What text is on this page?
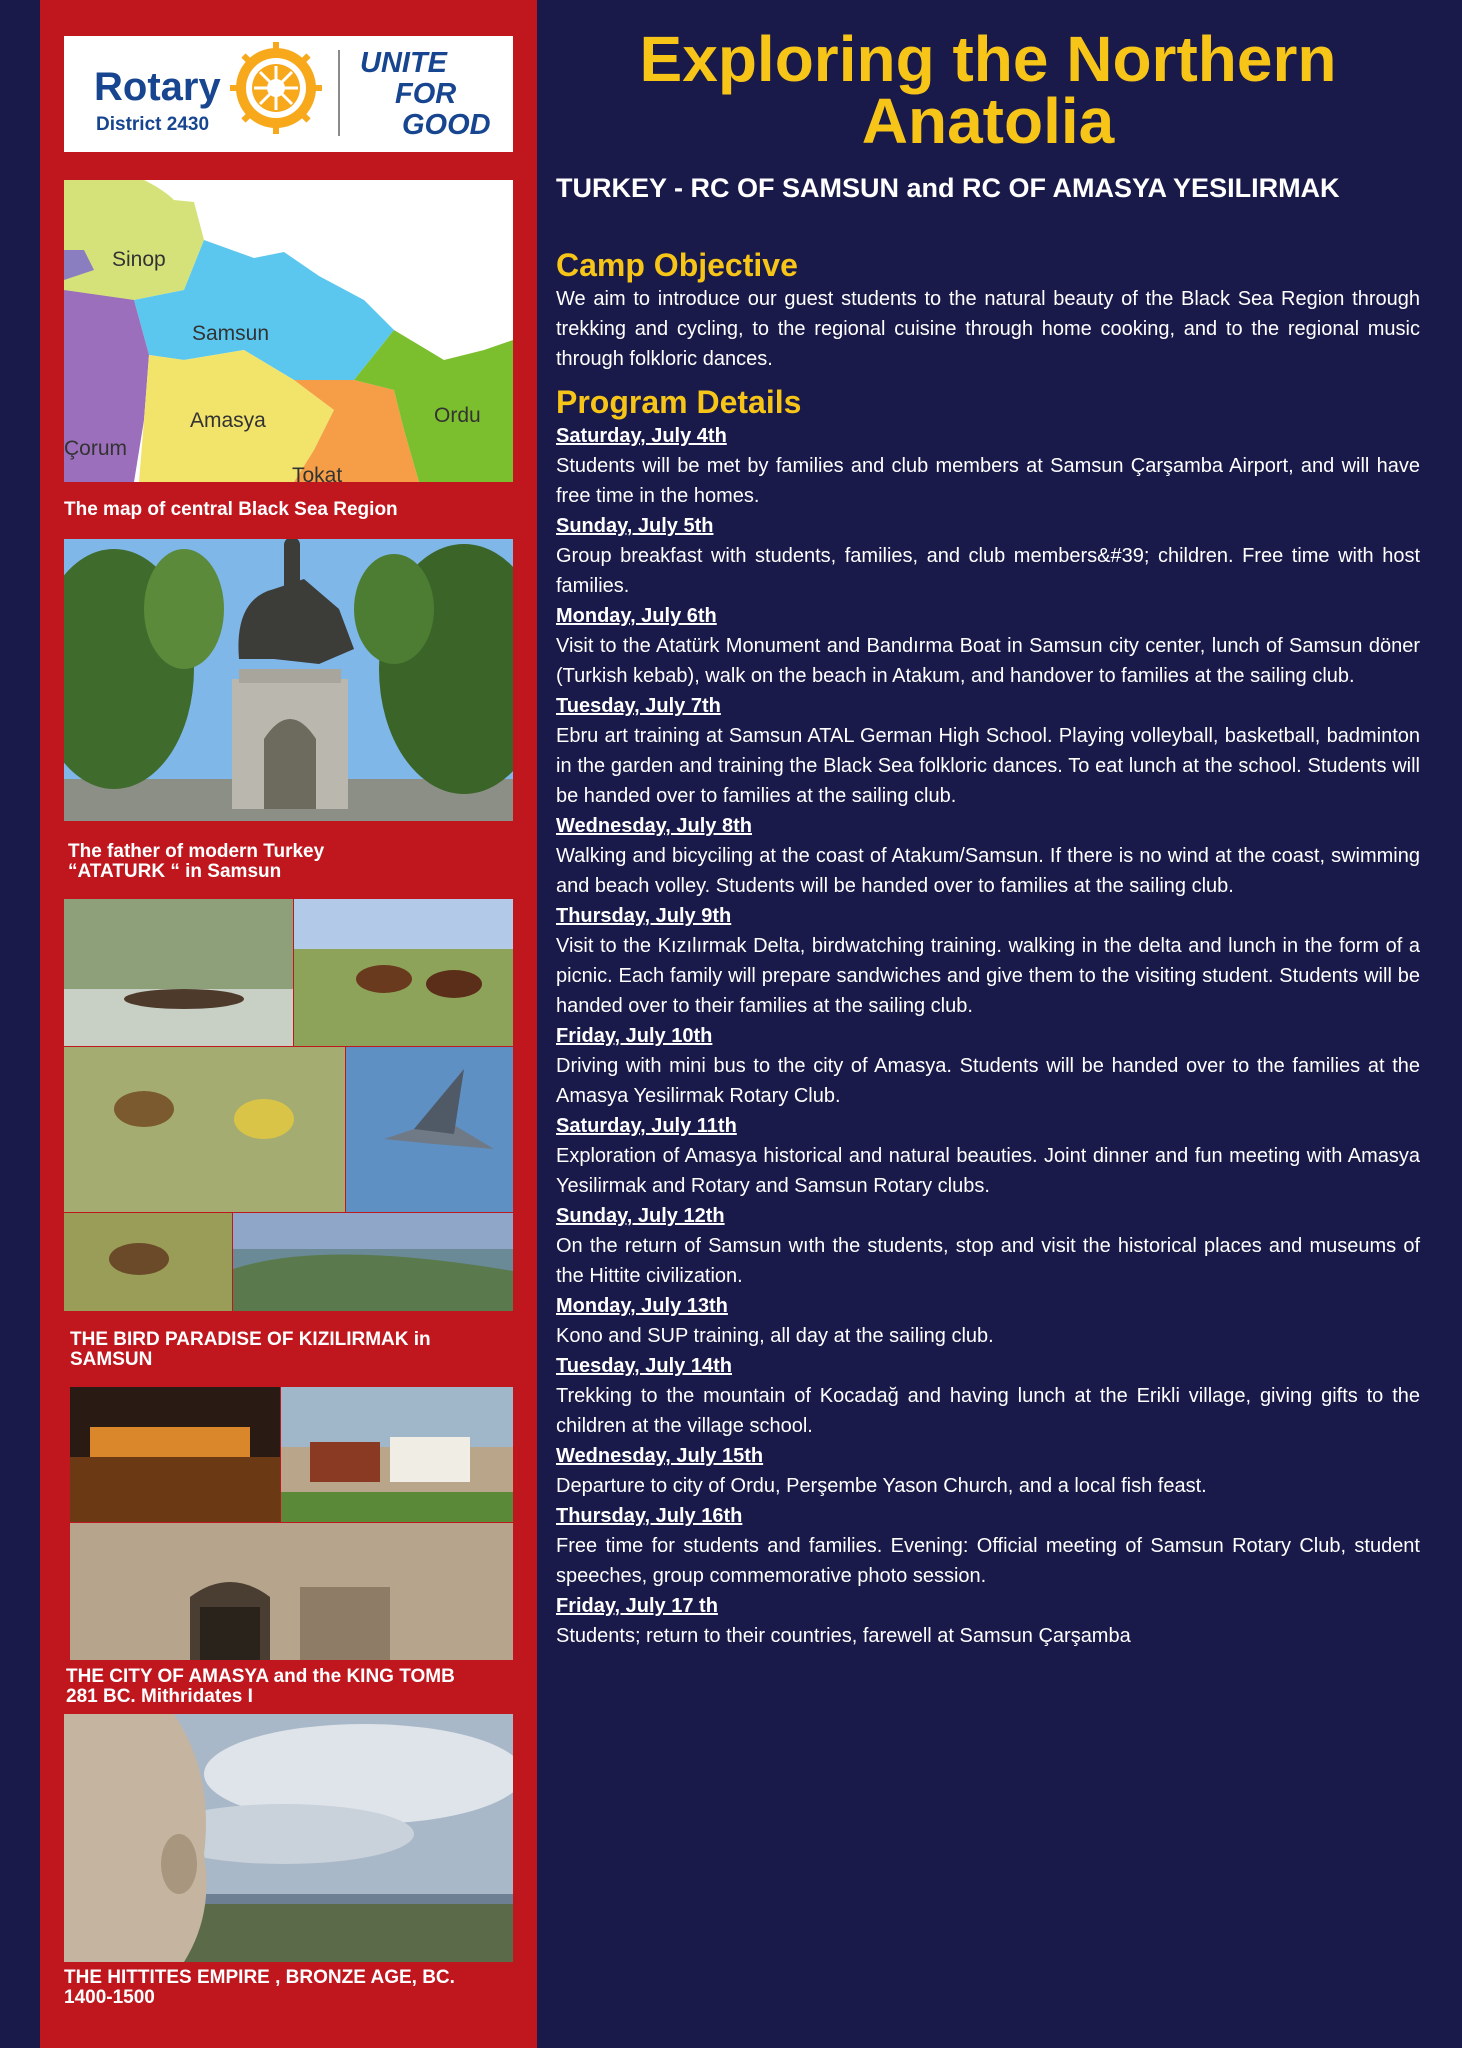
Rotary
District 2430
UNITE
FOR
GOOD
Sinop
Samsun
Amasya	Ordu
Çorum
Tokat
The map of central Black Sea Region
The father of modern Turkey
“ATATURK “ in Samsun
THE BIRD PARADISE OF KIZILIRMAK in
SAMSUN
THE CITY OF AMASYA and the KING TOMB
281 BC. Mithridates I
THE HITTITES EMPIRE , BRONZE AGE, BC.
1400-1500
Exploring the Northern Anatolia
TURKEY - RC OF SAMSUN and RC OF AMASYA YESILIRMAK
Camp Objective

We aim to introduce our guest students to the natural beauty of the Black Sea Region through trekking and cycling, to the regional cuisine through home cooking, and to the regional music through folkloric dances.

Program Details
Saturday, July 4th

Students will be met by families and club members at Samsun Çarşamba Airport, and will have free time in the homes.

Sunday, July 5th

Group breakfast with students, families, and club members&#39; children. Free time with host families.

Monday, July 6th

Visit to the Atatürk Monument and Bandırma Boat in Samsun city center, lunch of Samsun döner (Turkish kebab), walk on the beach in Atakum, and handover to families at the sailing club.

Tuesday, July 7th

Ebru art training at Samsun ATAL German High School. Playing volleyball, basketball, badminton in the garden and training the Black Sea folkloric dances. To eat lunch at the school. Students will be handed over to families at the sailing club.

Wednesday, July 8th

Walking and bicyciling at the coast of Atakum/Samsun. If there is no wind at the coast, swimming and beach volley. Students will be handed over to families at the sailing club.

Thursday, July 9th

Visit to the Kızılırmak Delta, birdwatching training. walking in the delta and lunch in the form of a picnic. Each family will prepare sandwiches and give them to the visiting student. Students will be handed over to their families at the sailing club.

Friday, July 10th

Driving with mini bus to the city of Amasya. Students will be handed over to the families at the Amasya Yesilirmak Rotary Club.

Saturday, July 11th

Exploration of Amasya historical and natural beauties. Joint dinner and fun meeting with Amasya Yesilirmak and Rotary and Samsun Rotary clubs.

Sunday, July 12th

On the return of Samsun wıth the students, stop and visit the historical places and museums of the Hittite civilization.

Monday, July 13th

Kono and SUP training, all day at the sailing club.

Tuesday, July 14th

Trekking to the mountain of Kocadağ and having lunch at the Erikli village, giving gifts to the children at the village school.

Wednesday, July 15th

Departure to city of Ordu, Perşembe Yason Church, and a local fish feast.

Thursday, July 16th

Free time for students and families. Evening: Official meeting of Samsun Rotary Club, student speeches, group commemorative photo session.

Friday, July 17 th

Students; return to their countries, farewell at Samsun Çarşamba
